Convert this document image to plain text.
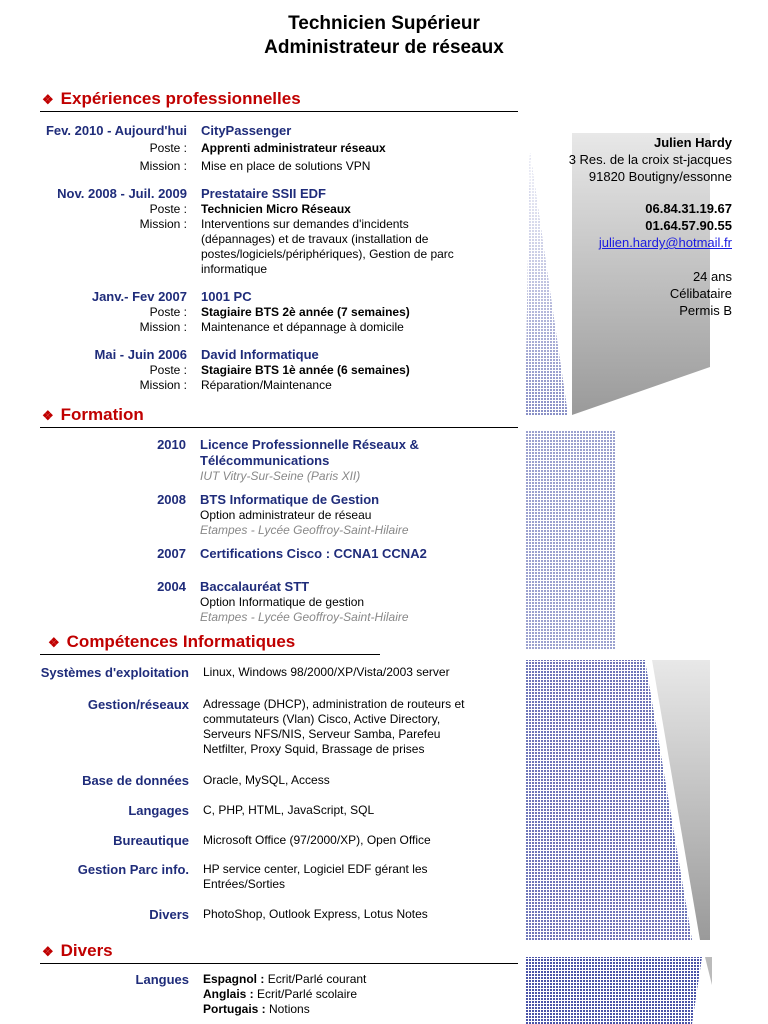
Technicien Supérieur
Administrateur de réseaux
Julien Hardy
3 Res. de la croix st-jacques
91820 Boutigny/essonne
06.84.31.19.67
01.64.57.90.55
julien.hardy@hotmail.fr
24 ans
Célibataire
Permis B
❖ Expériences professionnelles
Fev. 2010 - Aujourd'hui CityPassenger
Poste : Apprenti administrateur réseaux
Mission : Mise en place de solutions VPN
Nov. 2008 - Juil. 2009 Prestataire SSII EDF
Poste : Technicien Micro Réseaux
Mission : Interventions sur demandes d'incidents
(dépannages) et de travaux (installation de
postes/logiciels/périphériques), Gestion de parc
informatique
Janv.- Fev 2007 1001 PC
Poste : Stagiaire BTS 2è année (7 semaines)
Mission : Maintenance et dépannage à domicile
Mai - Juin 2006 David Informatique
Poste : Stagiaire BTS 1è année (6 semaines)
Mission : Réparation/Maintenance
❖ Formation
2010 Licence Professionnelle Réseaux &
Télécommunications
IUT Vitry-Sur-Seine (Paris XII)
2008 BTS Informatique de Gestion
Option administrateur de réseau
Etampes - Lycée Geoffroy-Saint-Hilaire
2007 Certifications Cisco : CCNA1 CCNA2
2004 Baccalauréat STT
Option Informatique de gestion
Etampes - Lycée Geoffroy-Saint-Hilaire
❖ Compétences Informatiques
Systèmes d'exploitation Linux, Windows 98/2000/XP/Vista/2003 server
Gestion/réseaux Adressage (DHCP), administration de routeurs et
commutateurs (Vlan) Cisco, Active Directory,
Serveurs NFS/NIS, Serveur Samba, Parefeu
Netfilter, Proxy Squid, Brassage de prises
Base de données Oracle, MySQL, Access
Langages C, PHP, HTML, JavaScript, SQL
Bureautique Microsoft Office (97/2000/XP), Open Office
Gestion Parc info. HP service center, Logiciel EDF gérant les
Entrées/Sorties
Divers PhotoShop, Outlook Express, Lotus Notes
❖ Divers
Langues Espagnol : Ecrit/Parlé courant
Anglais : Ecrit/Parlé scolaire
Portugais : Notions
